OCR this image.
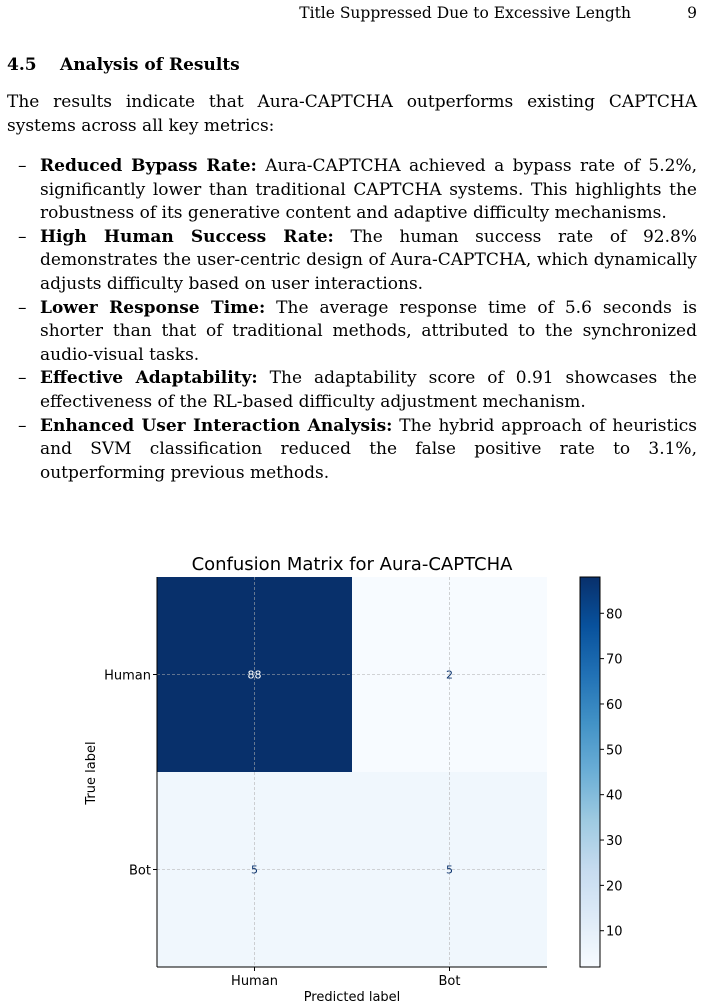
Title Suppressed Due to Excessive Length	9
4.5 Analysis of Results

The results indicate that Aura-CAPTCHA outperforms existing CAPTCHA systems across all key metrics:

– Reduced Bypass Rate: Aura-CAPTCHA achieved a bypass rate of 5.2%, significantly lower than traditional CAPTCHA systems. This highlights the robustness of its generative content and adaptive difficulty mechanisms.
– High Human Success Rate: The human success rate of 92.8% demonstrates the user-centric design of Aura-CAPTCHA, which dynamically adjusts difficulty based on user interactions.
– Lower Response Time: The average response time of 5.6 seconds is shorter than that of traditional methods, attributed to the synchronized audio-visual tasks.
– Effective Adaptability: The adaptability score of 0.91 showcases the effectiveness of the RL-based difficulty adjustment mechanism.
– Enhanced User Interaction Analysis: The hybrid approach of heuristics and SVM classification reduced the false positive rate to 3.1%, outperforming previous methods.
Confusion Matrix for Aura-CAPTCHA
88	2
5	5
Human	Bot
Human
Bot
Predicted label
True label
10
20
30
40
50
60
70
80
